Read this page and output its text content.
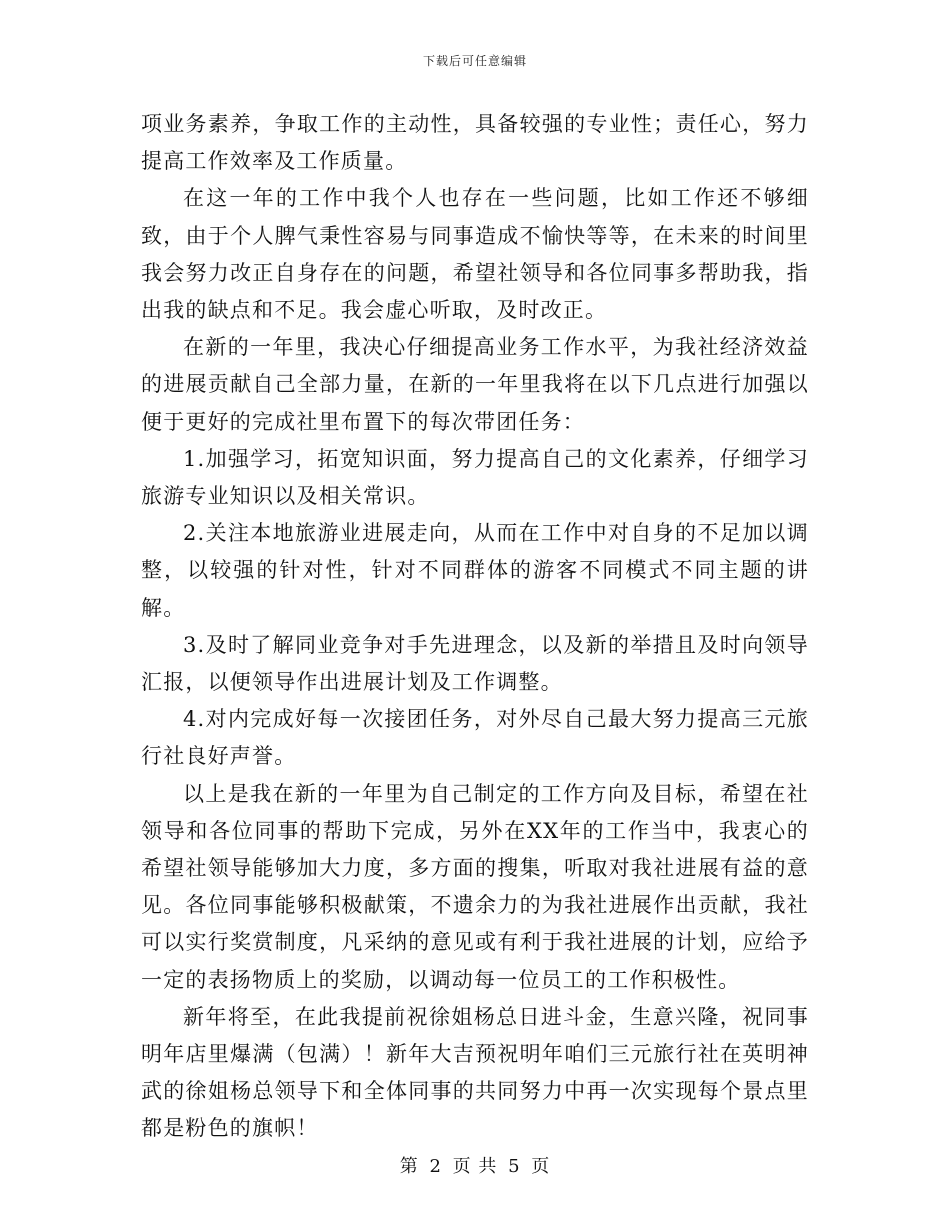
下载后可任意编辑

项业务素养，争取工作的主动性，具备较强的专业性；责任心，努力提高工作效率及工作质量。

在这一年的工作中我个人也存在一些问题，比如工作还不够细致，由于个人脾气秉性容易与同事造成不愉快等等，在未来的时间里我会努力改正自身存在的问题，希望社领导和各位同事多帮助我，指出我的缺点和不足。我会虚心听取，及时改正。

在新的一年里，我决心仔细提高业务工作水平，为我社经济效益的进展贡献自己全部力量，在新的一年里我将在以下几点进行加强以便于更好的完成社里布置下的每次带团任务：

1.加强学习，拓宽知识面，努力提高自己的文化素养，仔细学习旅游专业知识以及相关常识。

2.关注本地旅游业进展走向，从而在工作中对自身的不足加以调整，以较强的针对性，针对不同群体的游客不同模式不同主题的讲解。

3.及时了解同业竞争对手先进理念，以及新的举措且及时向领导汇报，以便领导作出进展计划及工作调整。

4.对内完成好每一次接团任务，对外尽自己最大努力提高三元旅行社良好声誉。

以上是我在新的一年里为自己制定的工作方向及目标，希望在社领导和各位同事的帮助下完成，另外在XX年的工作当中，我衷心的希望社领导能够加大力度，多方面的搜集，听取对我社进展有益的意见。各位同事能够积极献策，不遗余力的为我社进展作出贡献，我社可以实行奖赏制度，凡采纳的意见或有利于我社进展的计划，应给予一定的表扬物质上的奖励，以调动每一位员工的工作积极性。

新年将至，在此我提前祝徐姐杨总日进斗金，生意兴隆，祝同事明年店里爆满（包满）！新年大吉预祝明年咱们三元旅行社在英明神武的徐姐杨总领导下和全体同事的共同努力中再一次实现每个景点里都是粉色的旗帜！

第 2 页 共 5 页
